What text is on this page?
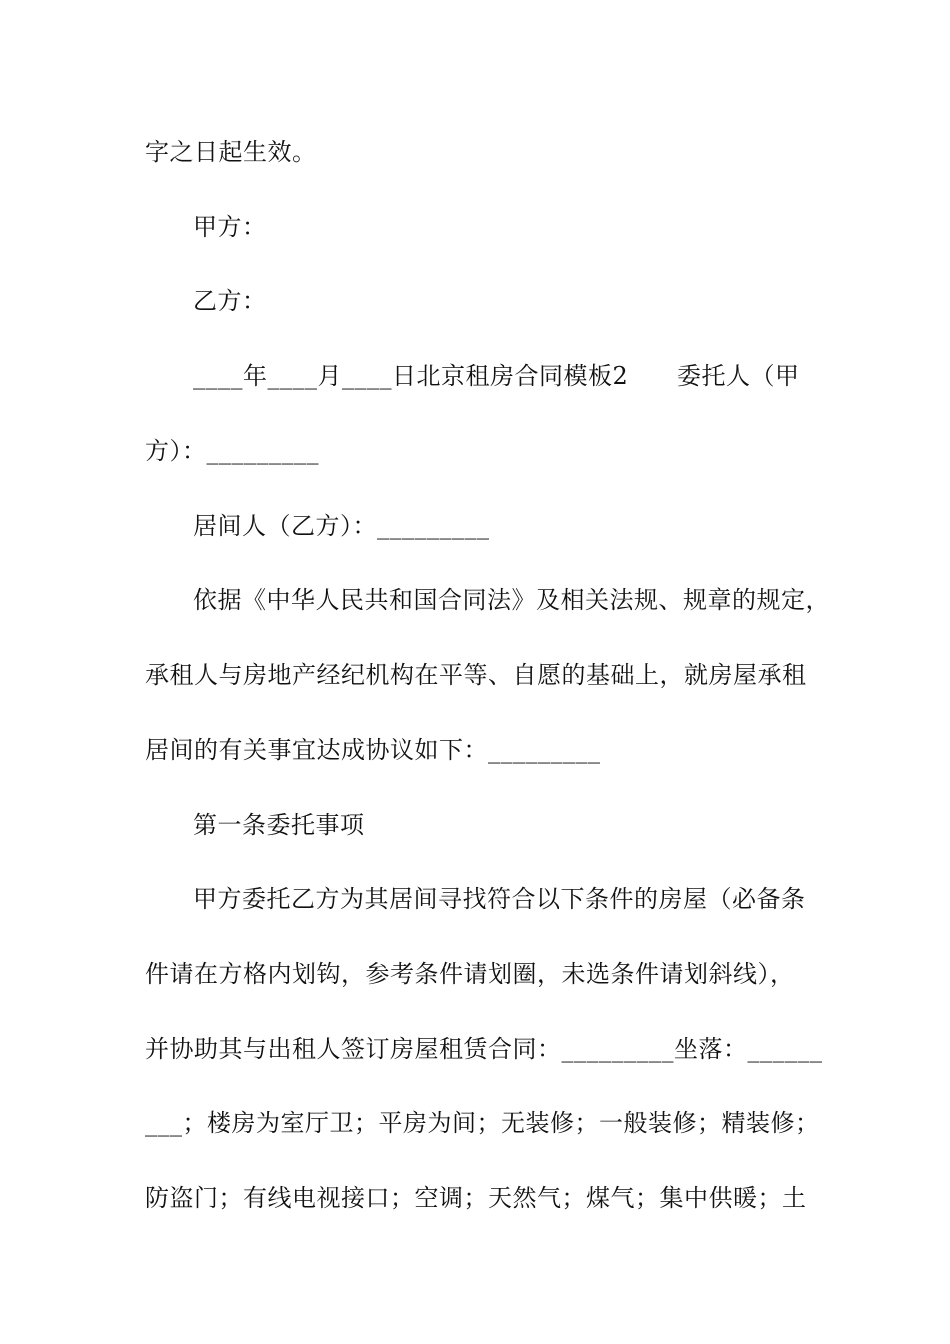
字之日起生效。
甲方：
乙方：
____年____月____日北京租房合同模板2      委托人（甲
方）：_________
居间人（乙方）：_________
依据《中华人民共和国合同法》及相关法规、规章的规定，
承租人与房地产经纪机构在平等、自愿的基础上，就房屋承租
居间的有关事宜达成协议如下：_________
第一条委托事项
甲方委托乙方为其居间寻找符合以下条件的房屋（必备条
件请在方格内划钩，参考条件请划圈，未选条件请划斜线），
并协助其与出租人签订房屋租赁合同：_________坐落：______
___；楼房为室厅卫；平房为间；无装修；一般装修；精装修；
防盗门；有线电视接口；空调；天然气；煤气；集中供暖；土
